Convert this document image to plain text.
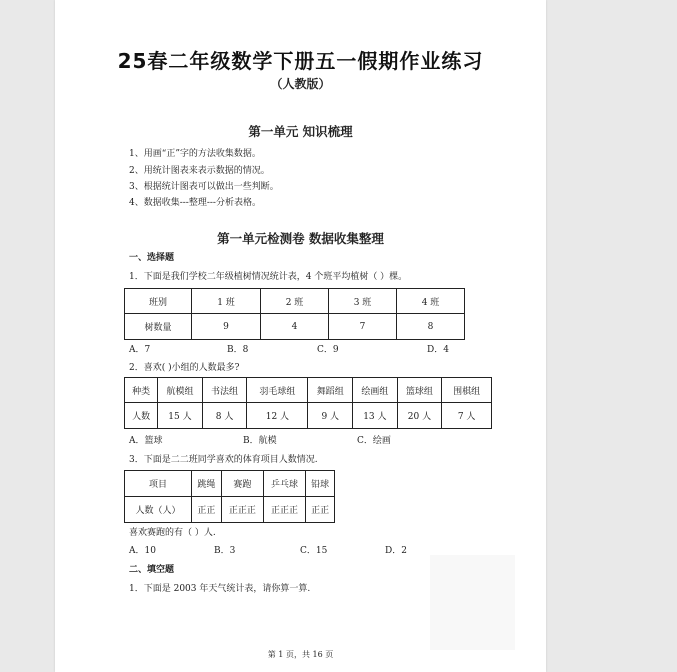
25春二年级数学下册五一假期作业练习
（人教版）
第一单元 知识梳理
1、用画“正”字的方法收集数据。
2、用统计图表来表示数据的情况。
3、根据统计图表可以做出一些判断。
4、数据收集---整理---分析表格。
第一单元检测卷 数据收集整理
一、选择题
1．下面是我们学校二年级植树情况统计表，4 个班平均植树（ ）棵。
班别	1 班	2 班	3 班	4 班
树数量	9	4	7	8
A．7	B．8	C．9	D．4
2．喜欢( )小组的人数最多?
种类	航模组	书法组	羽毛球组	舞蹈组	绘画组	篮球组	围棋组
人数	15 人	8 人	12 人	9 人	13 人	20 人	7 人
A．篮球	B．航模	C．绘画
3．下面是二二班同学喜欢的体育项目人数情况.
项目	跳绳	赛跑	乒乓球	铅球
人数（人）	正正	正正正	正正正	正正
喜欢赛跑的有（ ）人.
A．10	B．3	C．15	D．2
二、填空题
1．下面是 2003 年天气统计表，请你算一算.
第 1 页，共 16 页
